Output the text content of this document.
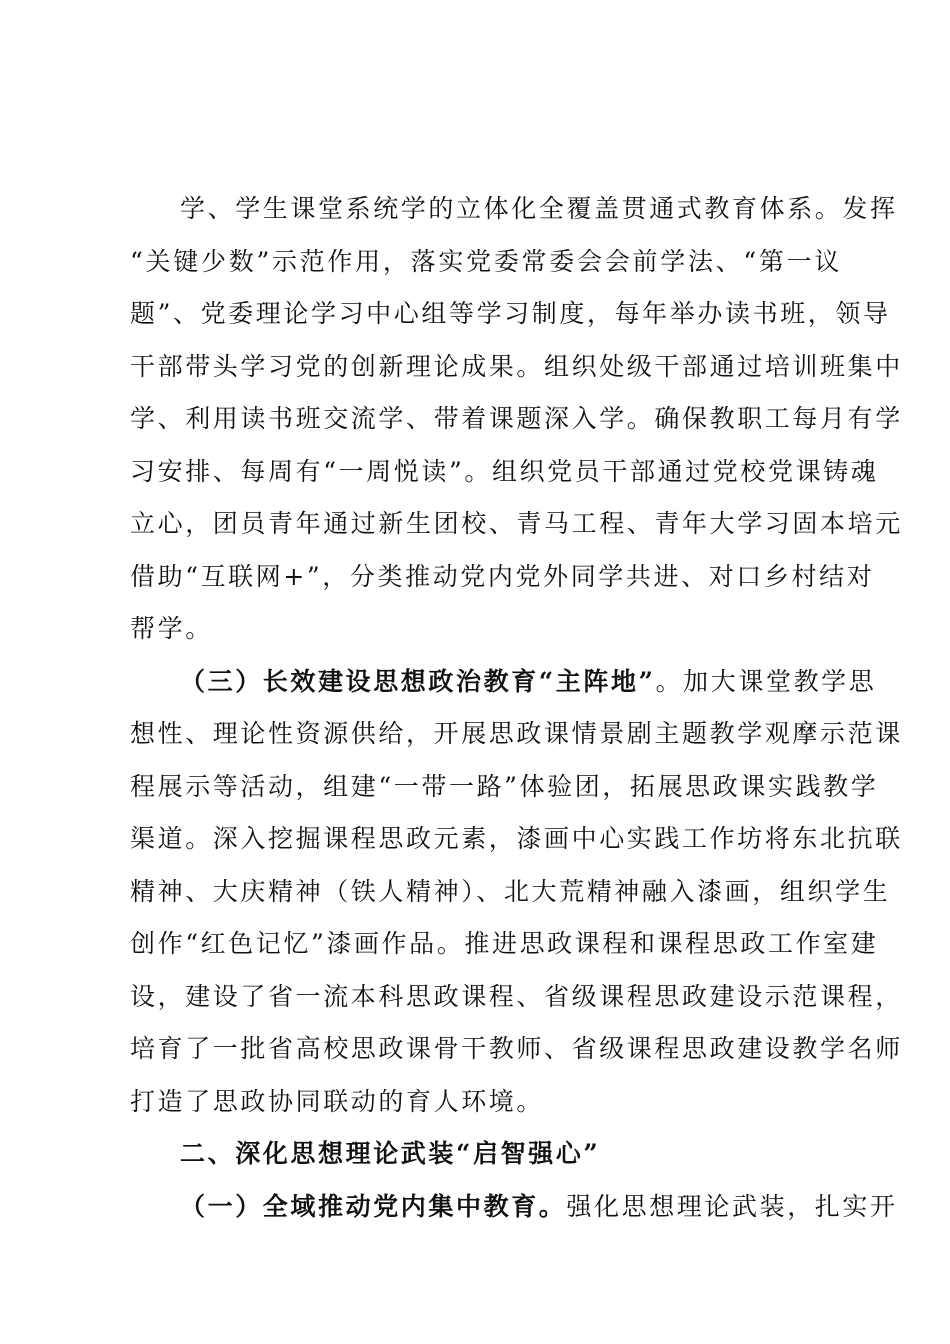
学、学生课堂系统学的立体化全覆盖贯通式教育体系。发挥
“关键少数”示范作用，落实党委常委会会前学法、“第一议
题”、党委理论学习中心组等学习制度，每年举办读书班，领导
干部带头学习党的创新理论成果。组织处级干部通过培训班集中
学、利用读书班交流学、带着课题深入学。确保教职工每月有学
习安排、每周有“一周悦读”。组织党员干部通过党校党课铸魂
立心，团员青年通过新生团校、青马工程、青年大学习固本培元
借助“互联网+”，分类推动党内党外同学共进、对口乡村结对
帮学。
（三）长效建设思想政治教育“主阵地”。加大课堂教学思
想性、理论性资源供给，开展思政课情景剧主题教学观摩示范课
程展示等活动，组建“一带一路”体验团，拓展思政课实践教学
渠道。深入挖掘课程思政元素，漆画中心实践工作坊将东北抗联
精神、大庆精神（铁人精神）、北大荒精神融入漆画，组织学生
创作“红色记忆”漆画作品。推进思政课程和课程思政工作室建
设，建设了省一流本科思政课程、省级课程思政建设示范课程，
培育了一批省高校思政课骨干教师、省级课程思政建设教学名师
打造了思政协同联动的育人环境。
二、深化思想理论武装“启智强心”
（一）全域推动党内集中教育。强化思想理论武装，扎实开
